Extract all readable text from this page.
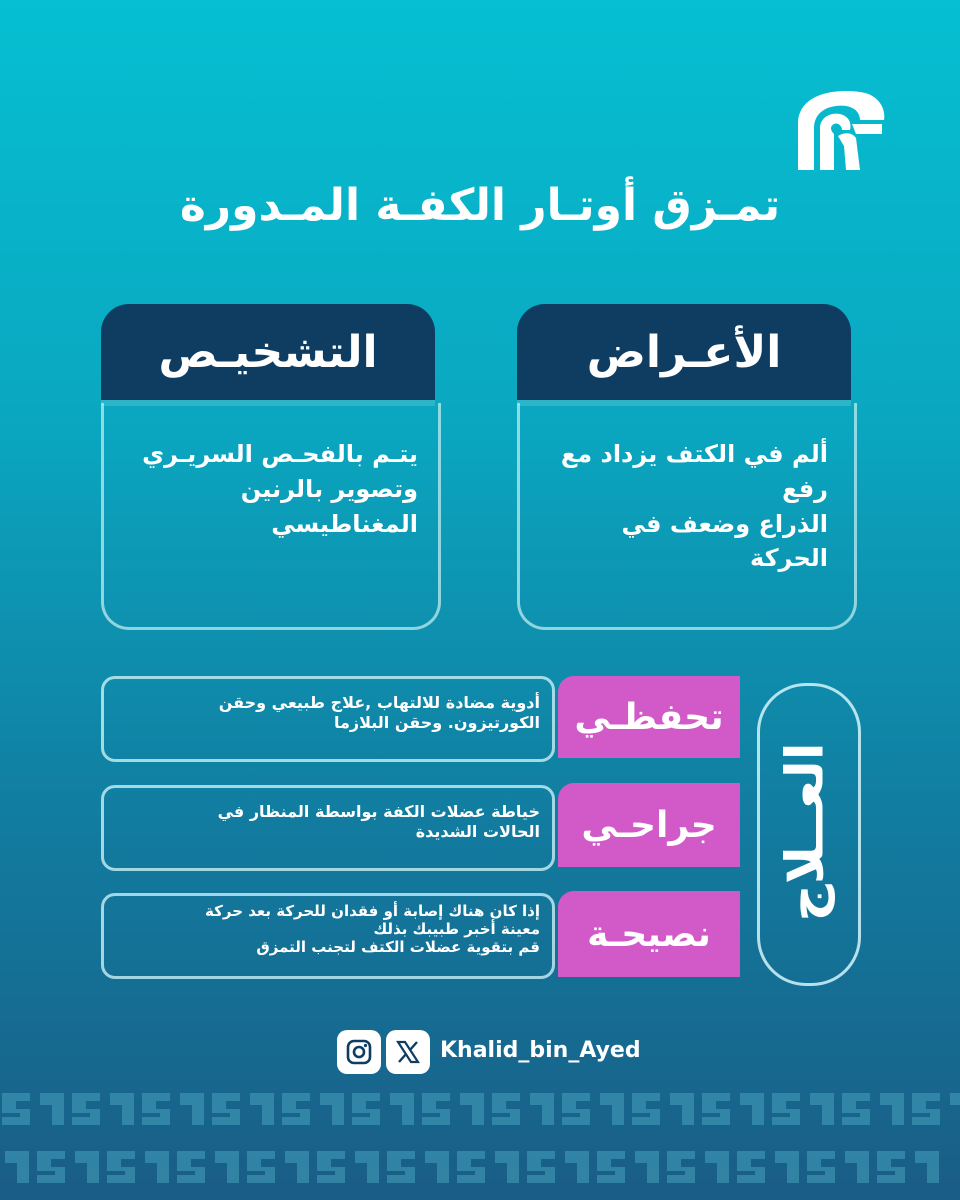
تمـزق أوتـار الكفـة المـدورة
الأعـراض
ألم في الكتف يزداد مع رفع
الذراع وضعف في الحركة
التشخيـص
يتـم بالفحـص السريـري
وتصوير بالرنين المغناطيسي
العــلاج
أدوية مضادة للالتهاب ,علاج طبيعي وحقن
الكورتيزون. وحقن البلازما تحفظـي
خياطة عضلات الكفة بواسطة المنظار في
الحالات الشديدة	جراحـي
إذا كان هناك إصابة أو فقدان للحركة بعد حركة
معينة أخبر طبيبك بذلك
قم بتقوية عضلات الكتف لتجنب التمزق	نصيحـة
Khalid_bin_Ayed
